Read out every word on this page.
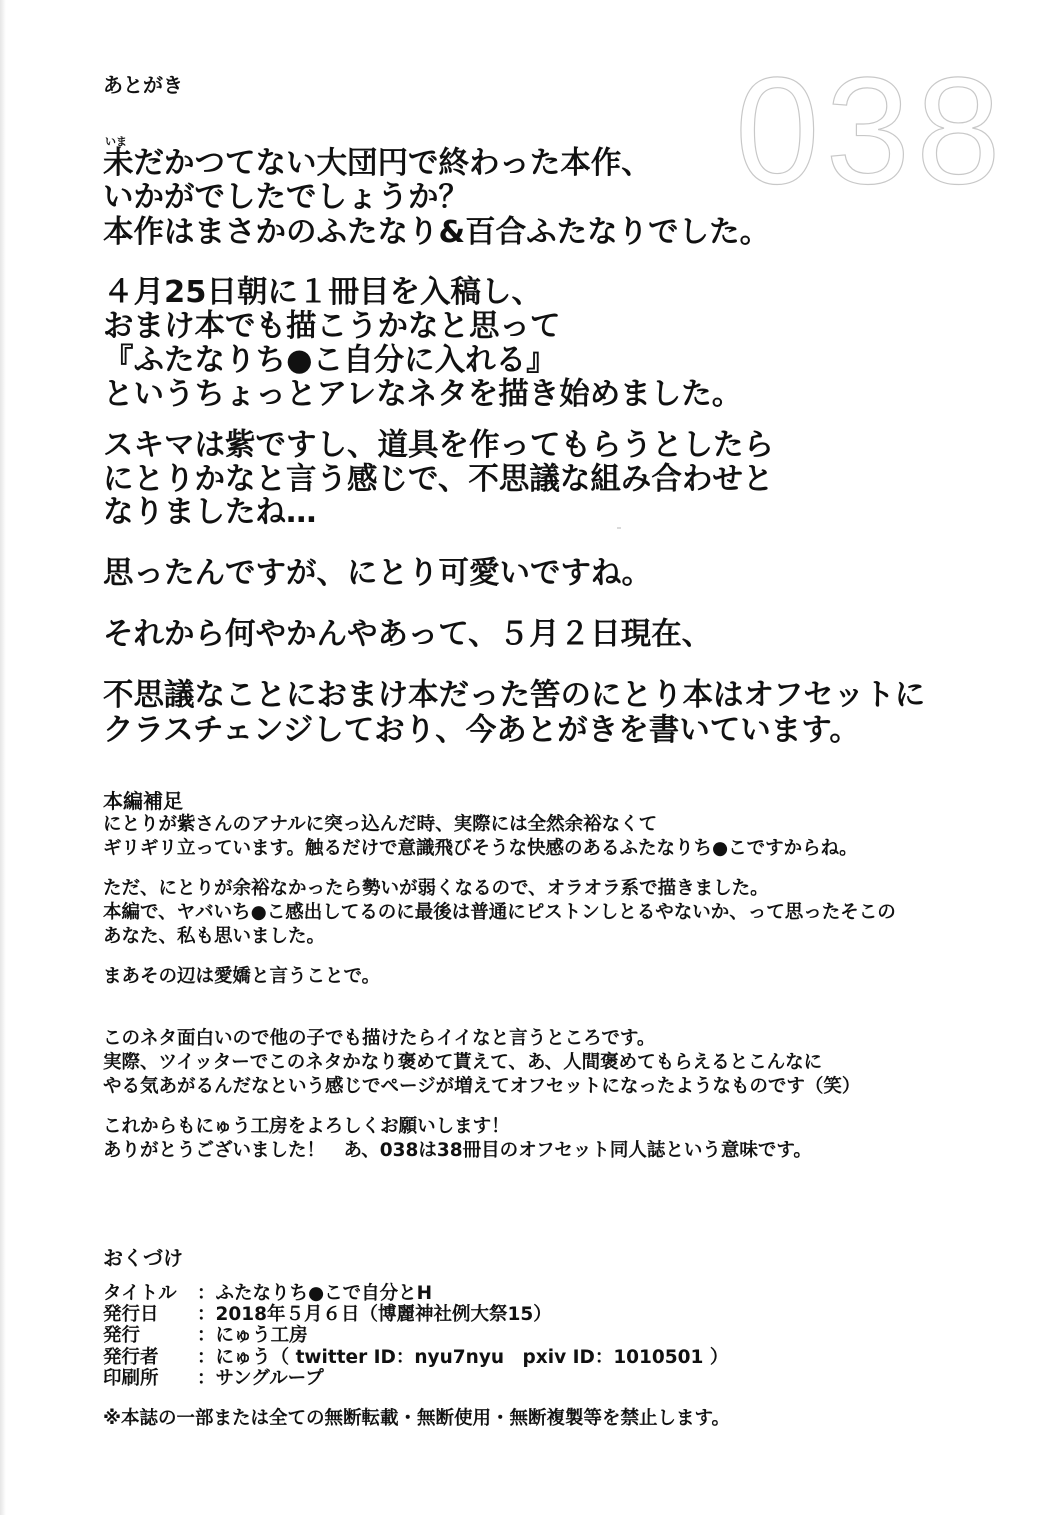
あとがき	038
いま
未だかつてない大団円で終わった本作、
いかがでしたでしょうか？
本作はまさかのふたなり&百合ふたなりでした。
４月25日朝に１冊目を入稿し、
おまけ本でも描こうかなと思って
『ふたなりち●こ自分に入れる』
というちょっとアレなネタを描き始めました。
スキマは紫ですし、道具を作ってもらうとしたら
にとりかなと言う感じで、不思議な組み合わせと
なりましたね…
思ったんですが、にとり可愛いですね。
それから何やかんやあって、５月２日現在、
不思議なことにおまけ本だった筈のにとり本はオフセットに
クラスチェンジしており、今あとがきを書いています。
本編補足
にとりが紫さんのアナルに突っ込んだ時、実際には全然余裕なくて
ギリギリ立っています。触るだけで意識飛びそうな快感のあるふたなりち●こですからね。
ただ、にとりが余裕なかったら勢いが弱くなるので、オラオラ系で描きました。
本編で、ヤバいち●こ感出してるのに最後は普通にピストンしとるやないか、って思ったそこの
あなた、私も思いました。
まあその辺は愛嬌と言うことで。
このネタ面白いので他の子でも描けたらイイなと言うところです。
実際、ツイッターでこのネタかなり褒めて貰えて、あ、人間褒めてもらえるとこんなに
やる気あがるんだなという感じでページが増えてオフセットになったようなものです（笑）
これからもにゅう工房をよろしくお願いします！
ありがとうございました！　あ、038は38冊目のオフセット同人誌という意味です。
おくづけ
タイトル ：ふたなりち●こで自分とH
発行日 ：2018年５月６日（博麗神社例大祭15）
発行	：にゅう工房
発行者 ：にゅう（ twitter ID：nyu7nyu　pxiv ID：1010501 ）
印刷所 ：サングループ
※本誌の一部または全ての無断転載・無断使用・無断複製等を禁止します。
